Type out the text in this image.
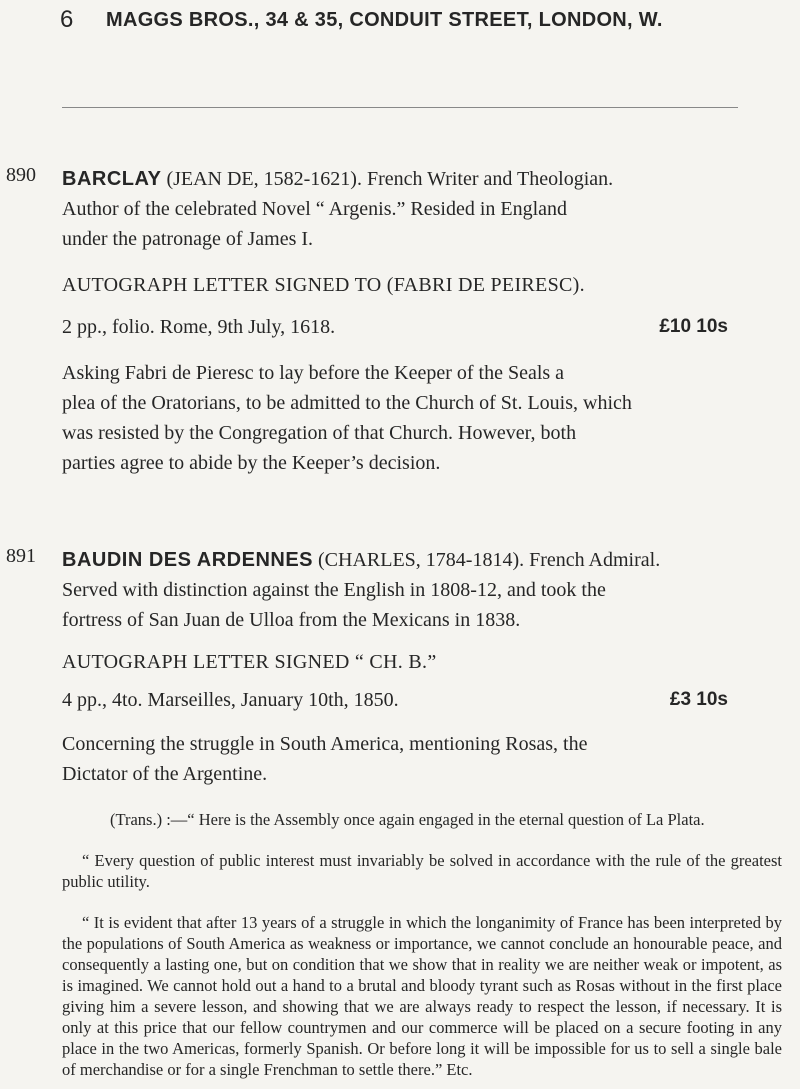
6 MAGGS BROS., 34 & 35, CONDUIT STREET, LONDON, W.
890 BARCLAY (JEAN DE, 1582-1621). French Writer and Theologian.

Author of the celebrated Novel “ Argenis.” Resided in England

under the patronage of James I.

AUTOGRAPH LETTER SIGNED TO (FABRI DE PEIRESC).

2 pp., folio. Rome, 9th July, 1618.	£10 10s

Asking Fabri de Pieresc to lay before the Keeper of the Seals a

plea of the Oratorians, to be admitted to the Church of St. Louis, which

was resisted by the Congregation of that Church. However, both

parties agree to abide by the Keeper’s decision.

891 BAUDIN DES ARDENNES (CHARLES, 1784-1814). French Admiral.

Served with distinction against the English in 1808-12, and took the

fortress of San Juan de Ulloa from the Mexicans in 1838.

AUTOGRAPH LETTER SIGNED “ CH. B.”

4 pp., 4to. Marseilles, January 10th, 1850.	£3 10s

Concerning the struggle in South America, mentioning Rosas, the

Dictator of the Argentine.

(Trans.) :—“ Here is the Assembly once again engaged in the eternal question of La Plata.

“ Every question of public interest must invariably be solved in accordance with the rule of the greatest public utility.

“ It is evident that after 13 years of a struggle in which the longanimity of France has been interpreted by the populations of South America as weakness or importance, we cannot conclude an honourable peace, and consequently a lasting one, but on condition that we show that in reality we are neither weak or impotent, as is imagined. We cannot hold out a hand to a brutal and bloody tyrant such as Rosas without in the first place giving him a severe lesson, and showing that we are always ready to respect the lesson, if necessary. It is only at this price that our fellow countrymen and our commerce will be placed on a secure footing in any place in the two Americas, formerly Spanish. Or before long it will be impossible for us to sell a single bale of merchandise or for a single Frenchman to settle there.” Etc.
